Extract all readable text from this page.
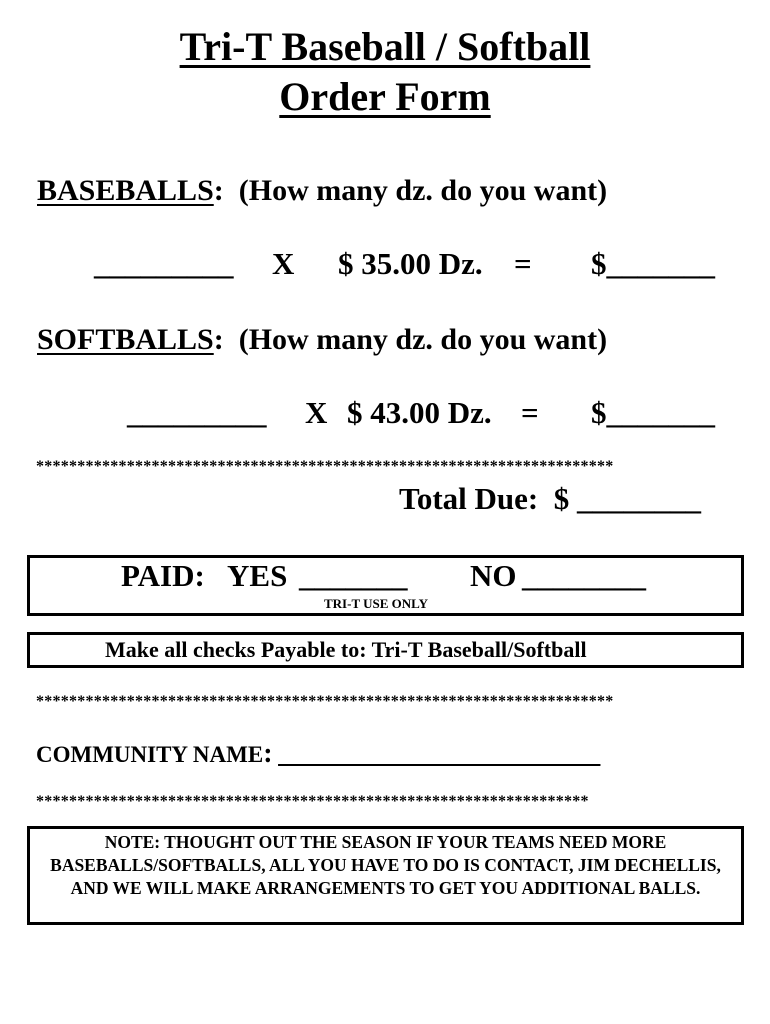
Tri-T Baseball / Softball
Order Form
BASEBALLS: (How many dz. do you want)
_________ X $ 35.00 Dz. = $_______
SOFTBALLS: (How many dz. do you want)
_________ X $ 43.00 Dz. = $_______
**********************************************************************
Total Due: $ ________
PAID: YES _______ NO ________
TRI-T USE ONLY
Make all checks Payable to: Tri-T Baseball/Softball
**********************************************************************
COMMUNITY NAME: _______________________
*******************************************************************
NOTE: THOUGHT OUT THE SEASON IF YOUR TEAMS NEED MORE BASEBALLS/SOFTBALLS, ALL YOU HAVE TO DO IS CONTACT, JIM DECHELLIS, AND WE WILL MAKE ARRANGEMENTS TO GET YOU ADDITIONAL BALLS.
